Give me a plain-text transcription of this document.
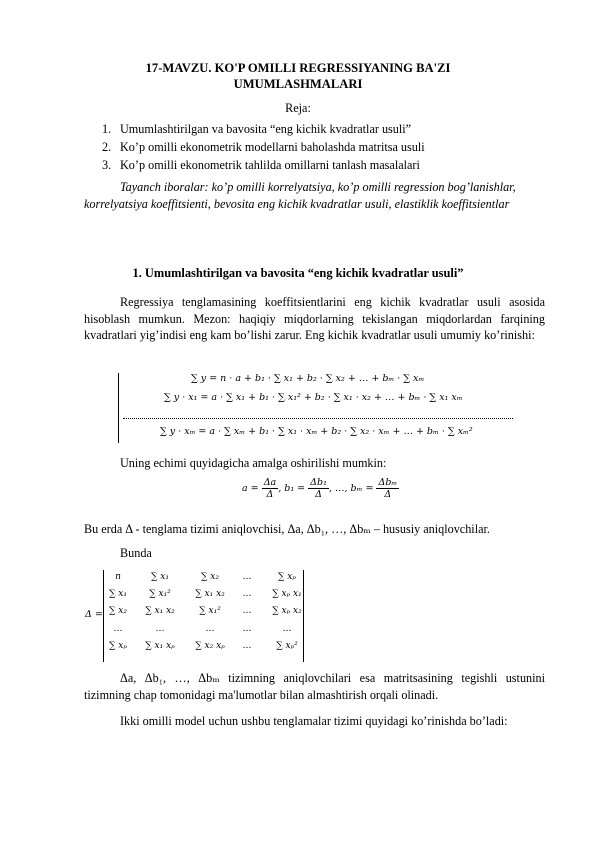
17-MAVZU. KO'P OMILLI REGRESSIYANING BA'ZI
UMUMLASHMALARI
Reja:
1. Umumlashtirilgan va bavosita “eng kichik kvadratlar usuli”
2. Ko’p omilli ekonometrik modellarni baholashda matritsa usuli
3. Ko’p omilli ekonometrik tahlilda omillarni tanlash masalalari
Tayanch iboralar: ko’p omilli korrelyatsiya, ko’p omilli regression bog’lanishlar, korrelyatsiya koeffitsienti, bevosita eng kichik kvadratlar usuli, elastiklik koeffitsientlar
1. Umumlashtirilgan va bavosita “eng kichik kvadratlar usuli”
Regressiya tenglamasining koeffitsientlarini eng kichik kvadratlar usuli asosida hisoblash mumkun. Mezon: haqiqiy miqdorlarning tekislangan miqdorlardan farqining kvadratlari yig’indisi eng kam bo’lishi zarur. Eng kichik kvadratlar usuli umumiy ko’rinishi:
∑ y = n · a + b₁ · ∑ x₁ + b₂ · ∑ x₂ + … + bₘ · ∑ xₘ
∑ y · x₁ = a · ∑ x₁ + b₁ · ∑ x₁² + b₂ · ∑ x₁ · x₂ + … + bₘ · ∑ x₁ xₘ
∑ y · xₘ = a · ∑ xₘ + b₁ · ∑ x₁ · xₘ + b₂ · ∑ x₂ · xₘ + … + bₘ · ∑ xₘ²
Uning echimi quyidagicha amalga oshirilishi mumkin:
$a = \frac{\Delta a}{\Delta}$ , $b_1 = \frac{\text{Δb₁}}{\Delta}$ , …, $b_m = \frac{\text{Δbₘ}}{\Delta}$
Bu erda Δ - tenglama tizimi aniqlovchisi, Δa, Δb₁, …, Δbₘ – hususiy aniqlovchilar.
Bunda
Δ =
n	∑ x₁	∑ x₂	…	∑ xₚ
∑ x₁	∑ x₁²	∑ x₁ x₂	…	∑ xₚ x₁
∑ x₂	∑ x₁ x₂	∑ x₁²	…	∑ xₚ x₂
…	…	…	…	…
∑ xₚ	∑ x₁ xₚ	∑ x₂ xₚ	…	∑ xₚ²
Δa, Δb₁, …, Δbₘ tizimning aniqlovchilari esa matritsasining tegishli ustunini tizimning chap tomonidagi ma'lumotlar bilan almashtirish orqali olinadi.
Ikki omilli model uchun ushbu tenglamalar tizimi quyidagi ko’rinishda bo’ladi:
